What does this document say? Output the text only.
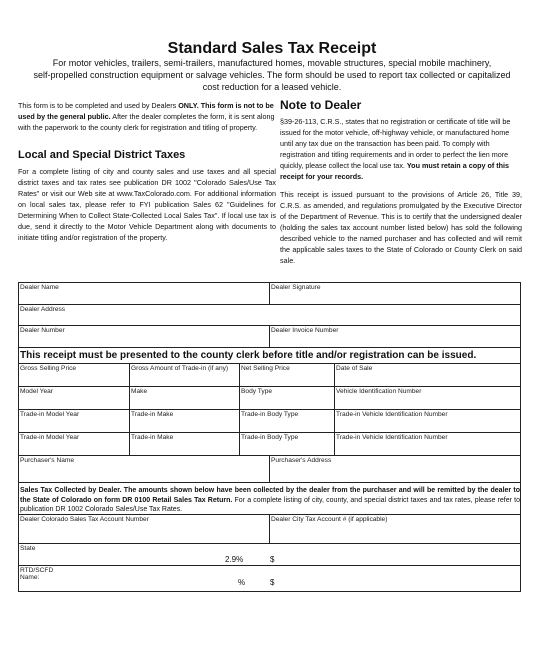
Standard Sales Tax Receipt
For motor vehicles, trailers, semi-trailers, manufactured homes, movable structures, special mobile machinery,
self-propelled construction equipment or salvage vehicles. The form should be used to report tax collected or capitalized
cost reduction for a leased vehicle.
This form is to be completed and used by Dealers ONLY. This form is not to be used by the general public. After the dealer completes the form, it is sent along with the paperwork to the county clerk for registration and titling of property.
Local and Special District Taxes
For a complete listing of city and county sales and use taxes and all special district taxes and tax rates see publication DR 1002 "Colorado Sales/Use Tax Rates" or visit our Web site at www.TaxColorado.com. For additional information on local sales tax, please refer to FYI publication Sales 62 "Guidelines for Determining When to Collect State-Collected Local Sales Tax". If local use tax is due, send it directly to the Motor Vehicle Department along with documents to initiate titling and/or registration of the property.
Note to Dealer
§39-26-113, C.R.S., states that no registration or certificate of title will be issued for the motor vehicle, off-highway vehicle, or manufactured home until any tax due on the transaction has been paid. To comply with registration and titling requirements and in order to perfect the lien more quickly, please collect the local use tax. You must retain a copy of this receipt for your records.
This receipt is issued pursuant to the provisions of Article 26, Title 39, C.R.S. as amended, and regulations promulgated by the Executive Director of the Department of Revenue. This is to certify that the undersigned dealer (holding the sales tax account number listed below) has sold the following described vehicle to the named purchaser and has collected and will remit the applicable sales taxes to the State of Colorado or County Clerk on said sale.
Dealer Name	Dealer Signature
Dealer Address
Dealer Number	Dealer Invoice Number
This receipt must be presented to the county clerk before title and/or registration can be issued.
Gross Selling Price	Gross Amount of Trade-in (if any)	Net Selling Price	Date of Sale
Model Year	Make	Body Type	Vehicle Identification Number
Trade-in Model Year	Trade-in Make	Trade-in Body Type	Trade-in Vehicle Identification Number
Trade-in Model Year	Trade-in Make	Trade-in Body Type	Trade-in Vehicle Identification Number
Purchaser's Name	Purchaser's Address
Sales Tax Collected by Dealer. The amounts shown below have been collected by the dealer from the purchaser and will be remitted by the dealer to the State of Colorado on form DR 0100 Retail Sales Tax Return. For a complete listing of city, county, and special district taxes and tax rates, please refer to publication DR 1002 Colorado Sales/Use Tax Rates.
Dealer Colorado Sales Tax Account Number	Dealer City Tax Account # (if applicable)
State
2.9%	$
RTD/SCFD
Name:
%	$
